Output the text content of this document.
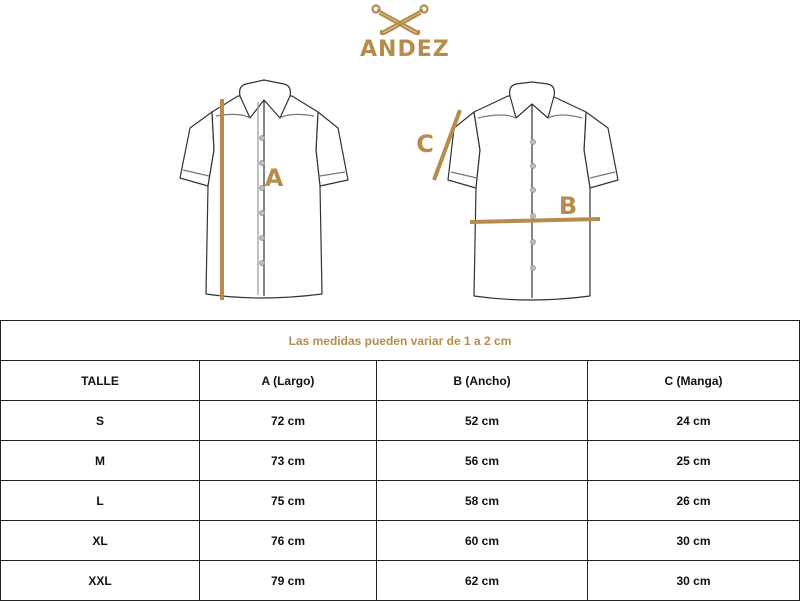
ANDEZ
A
B
C
Las medidas pueden variar de 1 a 2 cm			
TALLE	A (Largo)	B (Ancho)	C (Manga)
S	72 cm	52 cm	24 cm
M	73 cm	56 cm	25 cm
L	75 cm	58 cm	26 cm
XL	76 cm	60 cm	30 cm
XXL	79 cm	62 cm	30 cm
